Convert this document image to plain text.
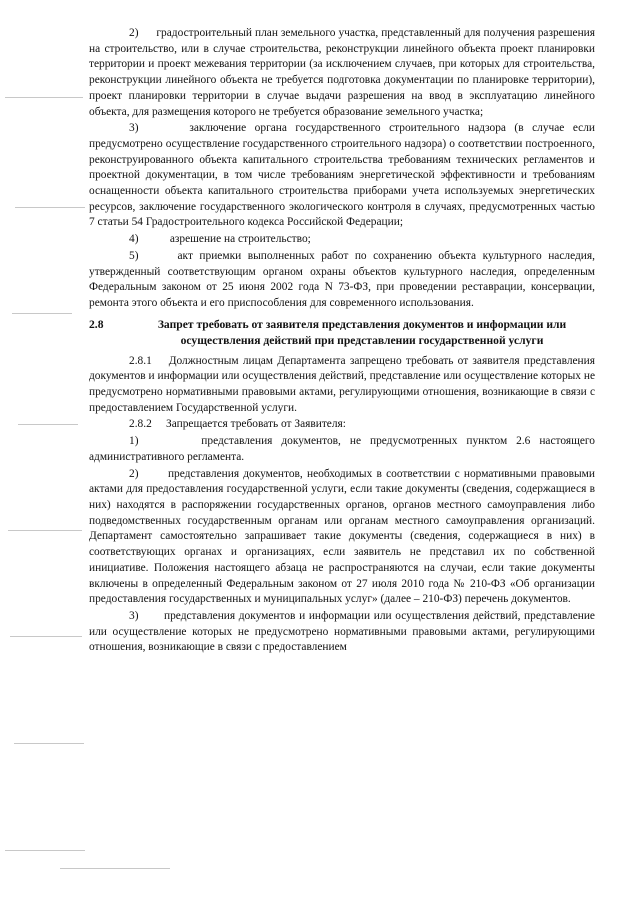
2)      градостроительный план земельного участка, представленный для получения разрешения на строительство, или в случае строительства, реконструкции линейного объекта проект планировки территории и проект межевания территории (за исключением случаев, при которых для строительства, реконструкции линейного объекта не требуется подготовка документации по планировке территории), проект планировки территории в случае выдачи разрешения на ввод в эксплуатацию линейного объекта, для размещения которого не требуется образование земельного участка;

3)      заключение органа государственного строительного надзора (в случае если предусмотрено осуществление государственного строительного надзора) о соответствии построенного, реконструированного объекта капитального строительства требованиям технических регламентов и проектной документации, в том числе требованиям энергетической эффективности и требованиям оснащенности объекта капитального строительства приборами учета используемых энергетических ресурсов, заключение государственного экологического контроля в случаях, предусмотренных частью 7 статьи 54 Градостроительного кодекса Российской Федерации;

4)           азрешение на строительство;

5)      акт приемки выполненных работ по сохранению объекта культурного наследия, утвержденный соответствующим органом охраны объектов культурного наследия, определенным Федеральным законом от 25 июня 2002 года N 73-ФЗ, при проведении реставрации, консервации, ремонта этого объекта и его приспособления для современного использования.

2.8	Запрет требовать от заявителя представления документов и информации или осуществления действий при представлении государственной услуги

2.8.1    Должностным лицам Департамента запрещено требовать от заявителя представления документов и информации или осуществления действий, представление или осуществление которых не предусмотрено нормативными правовыми актами, регулирующими отношения, возникающие в связи с предоставлением Государственной услуги.

2.8.2     Запрещается требовать от Заявителя:

1)       представления документов, не предусмотренных пунктом 2.6 настоящего административного регламента.

2)       представления документов, необходимых в соответствии с нормативными правовыми актами для предоставления государственной услуги, если такие документы (сведения, содержащиеся в них) находятся в распоряжении государственных органов, органов местного самоуправления либо подведомственных государственным органам или органам местного самоуправления организаций. Департамент самостоятельно запрашивает такие документы (сведения, содержащиеся в них) в соответствующих органах и организациях, если заявитель не представил их по собственной инициативе. Положения настоящего абзаца не распространяются на случаи, если такие документы включены в определенный Федеральным законом от 27 июля 2010 года № 210-ФЗ «Об организации предоставления государственных и муниципальных услуг» (далее – 210-ФЗ) перечень документов.

3)       представления документов и информации или осуществления действий, представление или осуществление которых не предусмотрено нормативными правовыми актами, регулирующими отношения, возникающие в связи с предоставлением
